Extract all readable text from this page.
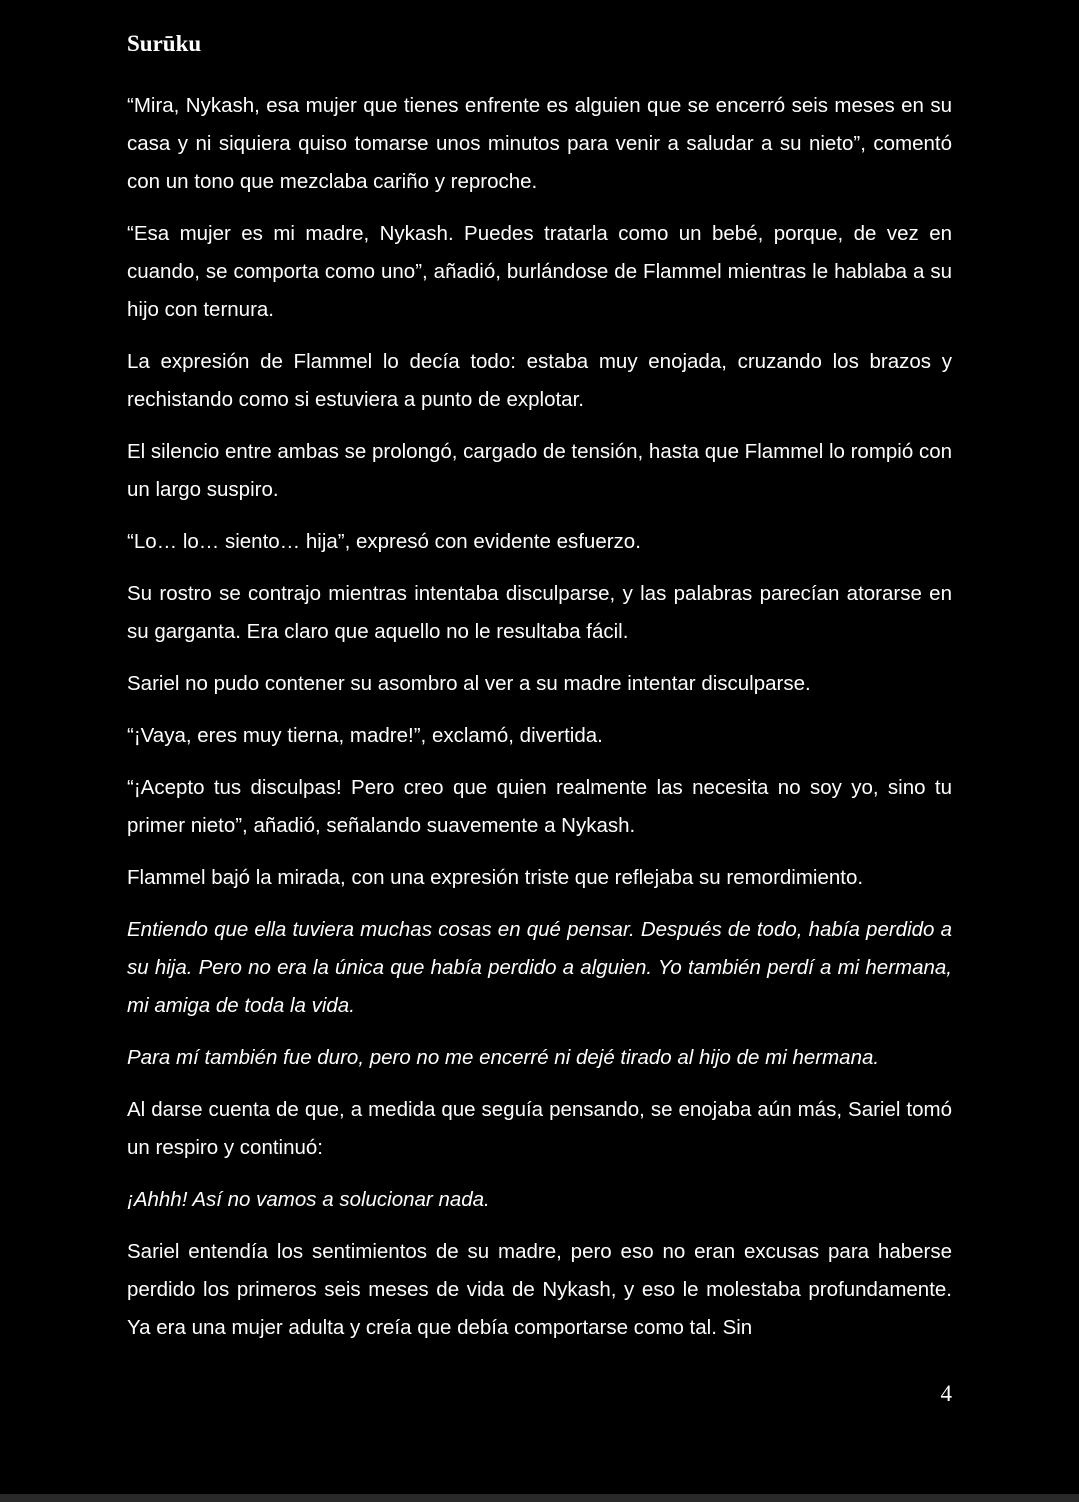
Surūku

“Mira, Nykash, esa mujer que tienes enfrente es alguien que se encerró seis meses en su casa y ni siquiera quiso tomarse unos minutos para venir a saludar a su nieto”, comentó con un tono que mezclaba cariño y reproche.

“Esa mujer es mi madre, Nykash. Puedes tratarla como un bebé, porque, de vez en cuando, se comporta como uno”, añadió, burlándose de Flammel mientras le hablaba a su hijo con ternura.

La expresión de Flammel lo decía todo: estaba muy enojada, cruzando los brazos y rechistando como si estuviera a punto de explotar.

El silencio entre ambas se prolongó, cargado de tensión, hasta que Flammel lo rompió con un largo suspiro.

“Lo… lo… siento… hija”, expresó con evidente esfuerzo.

Su rostro se contrajo mientras intentaba disculparse, y las palabras parecían atorarse en su garganta. Era claro que aquello no le resultaba fácil.

Sariel no pudo contener su asombro al ver a su madre intentar disculparse.

“¡Vaya, eres muy tierna, madre!”, exclamó, divertida.

“¡Acepto tus disculpas! Pero creo que quien realmente las necesita no soy yo, sino tu primer nieto”, añadió, señalando suavemente a Nykash.

Flammel bajó la mirada, con una expresión triste que reflejaba su remordimiento.

Entiendo que ella tuviera muchas cosas en qué pensar. Después de todo, había perdido a su hija. Pero no era la única que había perdido a alguien. Yo también perdí a mi hermana, mi amiga de toda la vida.

Para mí también fue duro, pero no me encerré ni dejé tirado al hijo de mi hermana.

Al darse cuenta de que, a medida que seguía pensando, se enojaba aún más, Sariel tomó un respiro y continuó:

¡Ahhh! Así no vamos a solucionar nada.

Sariel entendía los sentimientos de su madre, pero eso no eran excusas para haberse perdido los primeros seis meses de vida de Nykash, y eso le molestaba profundamente. Ya era una mujer adulta y creía que debía comportarse como tal. Sin

4
